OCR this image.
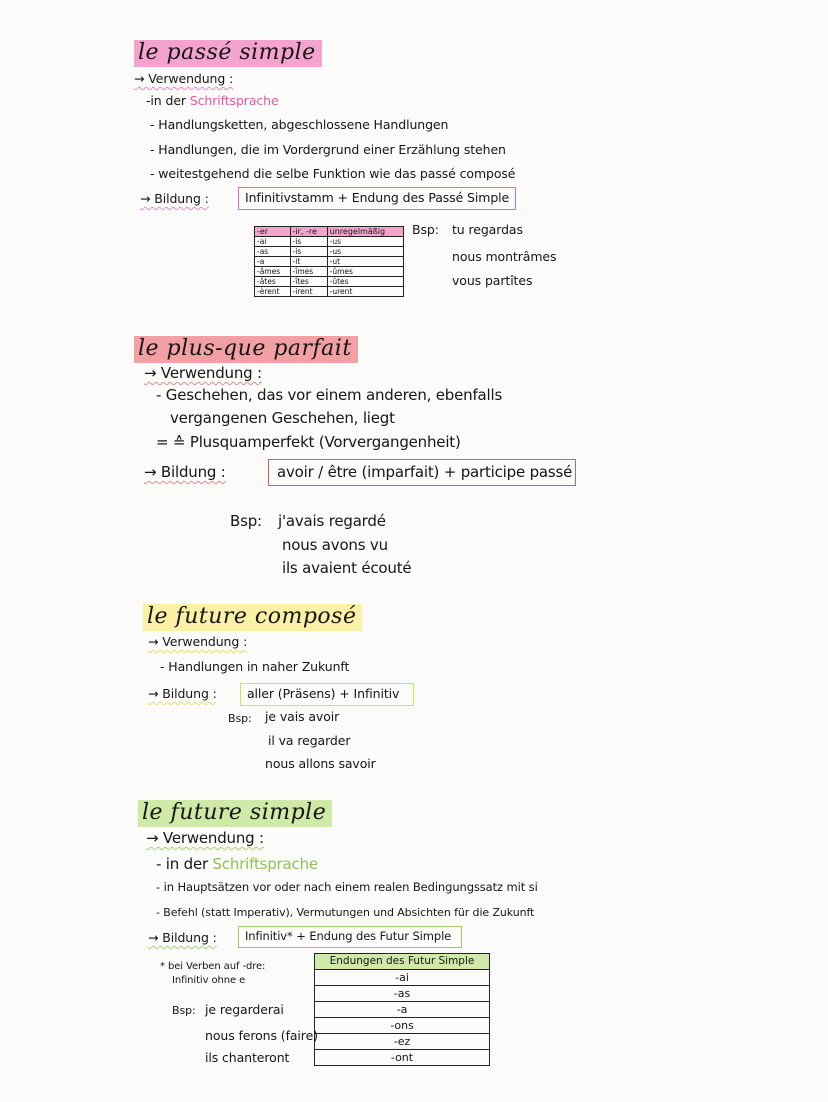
le passé simple
→ Verwendung :
-in der Schriftsprache
- Handlungsketten, abgeschlossene Handlungen
- Handlungen, die im Vordergrund einer Erzählung stehen
- weitestgehend die selbe Funktion wie das passé composé
→ Bildung :	Infinitivstamm + Endung des Passé Simple
-er	-ir, -re	unregelmäßig
-ai	-is	-us
-as	-is	-us
-a	-it	-ut
-âmes	-îmes	-ûmes
-âtes	-îtes	-ûtes
-èrent	-irent	-urent
Bsp: tu regardas
nous montrâmes
vous partîtes
le plus-que parfait
→ Verwendung :
- Geschehen, das vor einem anderen, ebenfalls
vergangenen Geschehen, liegt
= ≙ Plusquamperfekt (Vorvergangenheit)
→ Bildung :	avoir / être (imparfait) + participe passé
Bsp: j'avais regardé
nous avons vu
ils avaient écouté
le future composé
→ Verwendung :
- Handlungen in naher Zukunft
→ Bildung :	aller (Präsens) + Infinitiv
Bsp: je vais avoir
il va regarder
nous allons savoir
le future simple
→ Verwendung :
- in der Schriftsprache
- in Hauptsätzen vor oder nach einem realen Bedingungssatz mit si
- Befehl (statt Imperativ), Vermutungen und Absichten für die Zukunft
→ Bildung :	Infinitiv* + Endung des Futur Simple
* bei Verben auf -dre:
Infinitiv ohne e
Endungen des Futur Simple
-ai
-as
-a
-ons
-ez
-ont
Bsp: je regarderai
nous ferons (faire)
ils chanteront
